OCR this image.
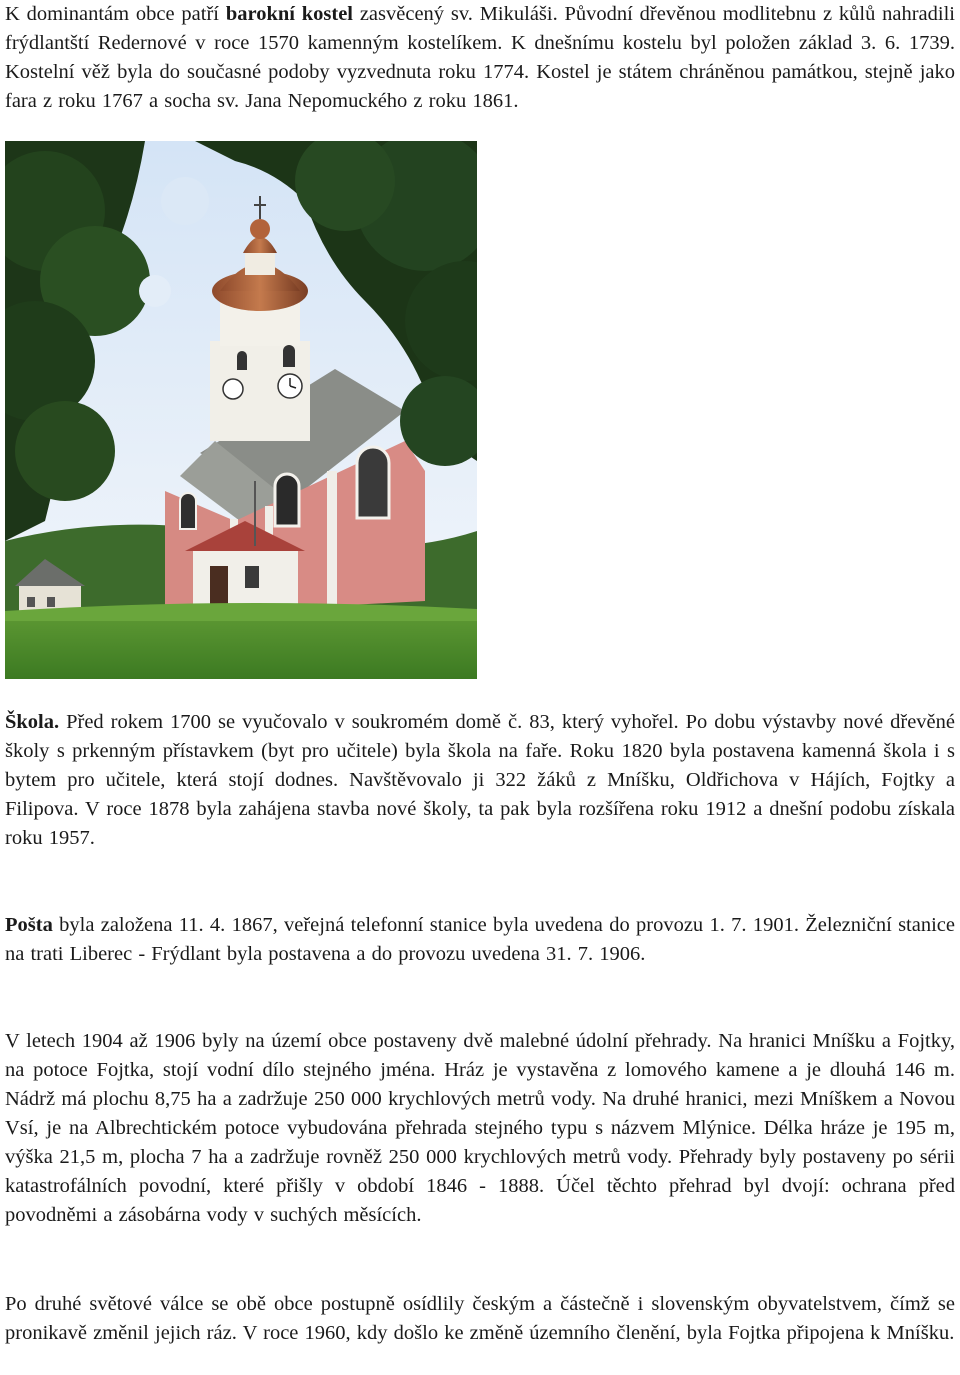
K dominantám obce patří barokní kostel zasvěcený sv. Mikuláši. Původní dřevěnou modlitebnu z kůlů nahradili frýdlantští Redernové v roce 1570 kamenným kostelíkem. K dnešnímu kostelu byl položen základ 3. 6. 1739. Kostelní věž byla do současné podoby vyzvednuta roku 1774. Kostel je státem chráněnou památkou, stejně jako fara z roku 1767 a socha sv. Jana Nepomuckého z roku 1861.

Škola. Před rokem 1700 se vyučovalo v soukromém domě č. 83, který vyhořel. Po dobu výstavby nové dřevěné školy s prkenným přístavkem (byt pro učitele) byla škola na faře. Roku 1820 byla postavena kamenná škola i s bytem pro učitele, která stojí dodnes. Navštěvovalo ji 322 žáků z Mníšku, Oldřichova v Hájích, Fojtky a Filipova. V roce 1878 byla zahájena stavba nové školy, ta pak byla rozšířena roku 1912 a dnešní podobu získala roku 1957.

Pošta byla založena 11. 4. 1867, veřejná telefonní stanice byla uvedena do provozu 1. 7. 1901. Železniční stanice na trati Liberec - Frýdlant byla postavena a do provozu uvedena 31. 7. 1906.

V letech 1904 až 1906 byly na území obce postaveny dvě malebné údolní přehrady. Na hranici Mníšku a Fojtky, na potoce Fojtka, stojí vodní dílo stejného jména. Hráz je vystavěna z lomového kamene a je dlouhá 146 m. Nádrž má plochu 8,75 ha a zadržuje 250 000 krychlových metrů vody. Na druhé hranici, mezi Mníškem a Novou Vsí, je na Albrechtickém potoce vybudována přehrada stejného typu s názvem Mlýnice. Délka hráze je 195 m, výška 21,5 m, plocha 7 ha a zadržuje rovněž 250 000 krychlových metrů vody. Přehrady byly postaveny po sérii katastrofálních povodní, které přišly v období 1846 - 1888. Účel těchto přehrad byl dvojí: ochrana před povodněmi a zásobárna vody v suchých měsících.

Po druhé světové válce se obě obce postupně osídlily českým a částečně i slovenským obyvatelstvem, čímž se pronikavě změnil jejich ráz. V roce 1960, kdy došlo ke změně územního členění, byla Fojtka připojena k Mníšku.
